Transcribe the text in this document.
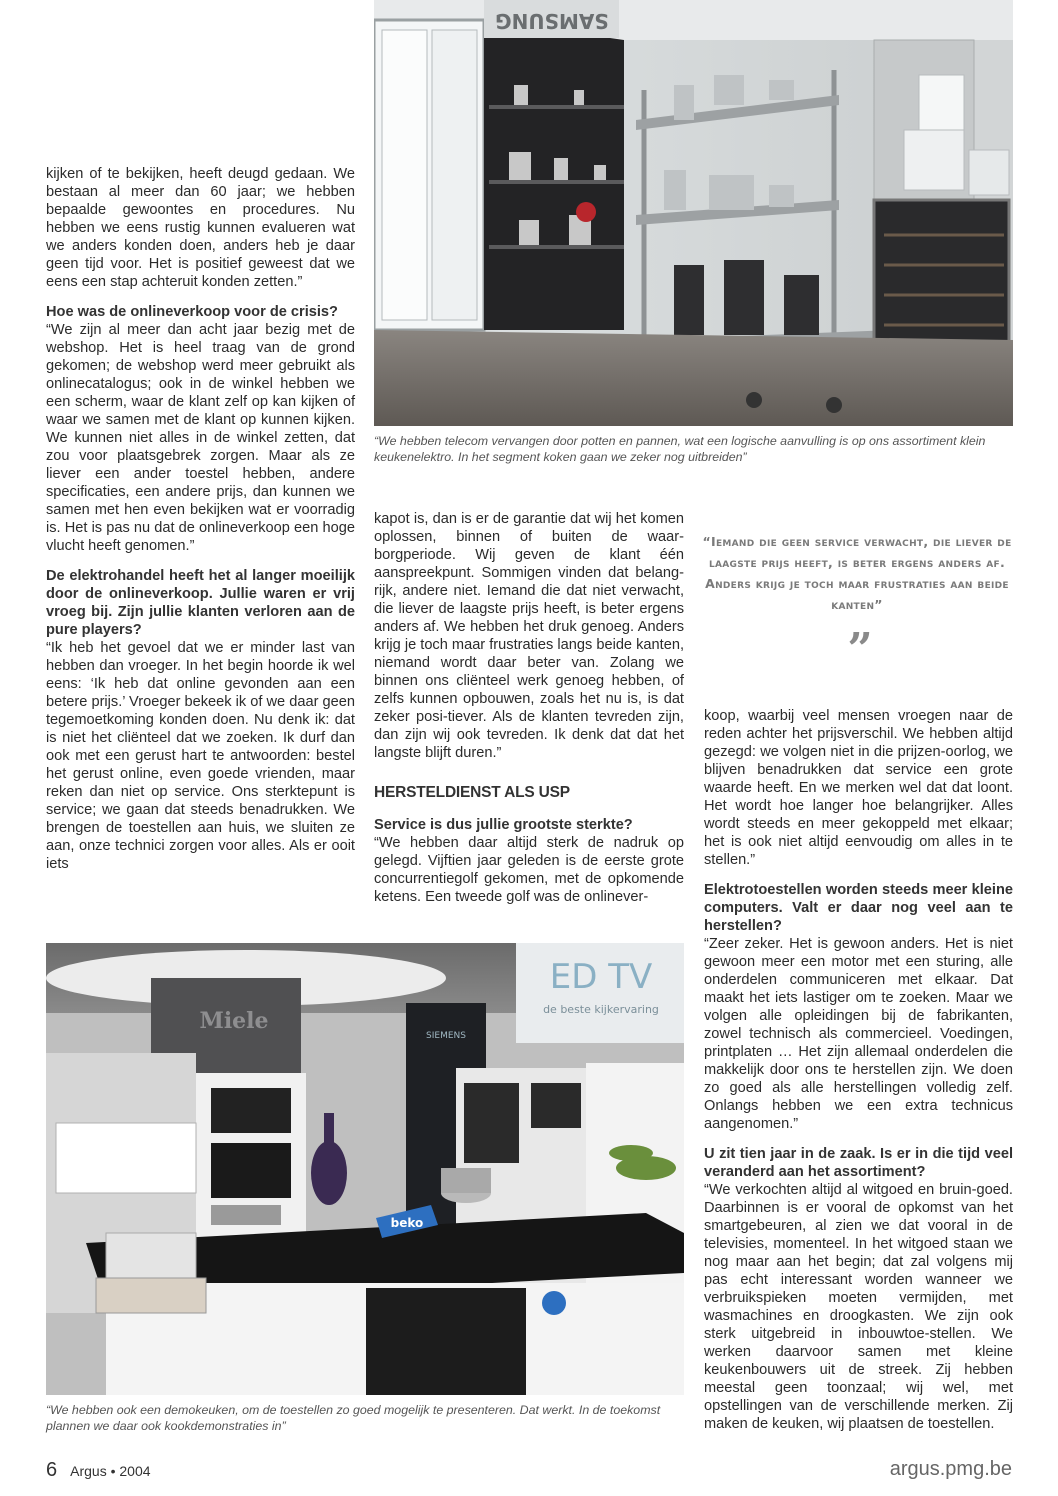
SAMSUNG
“We hebben telecom vervangen door potten en pannen, wat een logische aanvulling is op ons assortiment klein keukenelektro. In het segment koken gaan we zeker nog uitbreiden”

kijken of te bekijken, heeft deugd gedaan. We bestaan al meer dan 60 jaar; we hebben bepaalde gewoontes en procedures. Nu hebben we eens rustig kunnen evalueren wat we anders konden doen, anders heb je daar geen tijd voor. Het is positief geweest dat we eens een stap achteruit konden zetten.”

Hoe was de onlineverkoop voor de crisis?

“We zijn al meer dan acht jaar bezig met de webshop. Het is heel traag van de grond gekomen; de webshop werd meer gebruikt als onlinecatalogus; ook in de winkel hebben we een scherm, waar de klant zelf op kan kijken of waar we samen met de klant op kunnen kijken. We kunnen niet alles in de winkel zetten, dat zou voor plaatsgebrek zorgen. Maar als ze liever een ander toestel hebben, andere specificaties, een andere prijs, dan kunnen we samen met hen even bekijken wat er voorradig is. Het is pas nu dat de onlineverkoop een hoge vlucht heeft genomen.”

De elektrohandel heeft het al langer moeilijk door de onlineverkoop. Jullie waren er vrij vroeg bij. Zijn jullie klanten verloren aan de pure players?

“Ik heb het gevoel dat we er minder last van hebben dan vroeger. In het begin hoorde ik wel eens: ‘Ik heb dat online gevonden aan een betere prijs.’ Vroeger bekeek ik of we daar geen tegemoetkoming konden doen. Nu denk ik: dat is niet het cliënteel dat we zoeken. Ik durf dan ook met een gerust hart te antwoorden: bestel het gerust online, even goede vrienden, maar reken dan niet op service. Ons sterktepunt is service; we gaan dat steeds benadrukken. We brengen de toestellen aan huis, we sluiten ze aan, onze technici zorgen voor alles. Als er ooit iets

kapot is, dan is er de garantie dat wij het komen oplossen, binnen of buiten de waar-borgperiode. Wij geven de klant één aanspreekpunt. Sommigen vinden dat belang-rijk, andere niet. Iemand die dat niet verwacht, die liever de laagste prijs heeft, is beter ergens anders af. We hebben het druk genoeg. Anders krijg je toch maar frustraties langs beide kanten, niemand wordt daar beter van. Zolang we binnen ons cliënteel werk genoeg hebben, of zelfs kunnen opbouwen, zoals het nu is, is dat zeker posi-tiever. Als de klanten tevreden zijn, dan zijn wij ook tevreden. Ik denk dat dat het langste blijft duren.”

HERSTELDIENST ALS USP

Service is dus jullie grootste sterkte?

“We hebben daar altijd sterk de nadruk op gelegd. Vijftien jaar geleden is de eerste grote concurrentiegolf gekomen, met de opkomende ketens. Een tweede golf was de onlinever-

“Iemand die geen service verwacht, die liever de laagste prijs heeft, is beter ergens anders af. Anders krijg je toch maar frustraties aan beide kanten”
”

koop, waarbij veel mensen vroegen naar de reden achter het prijsverschil. We hebben altijd gezegd: we volgen niet in die prijzen-oorlog, we blijven benadrukken dat service een grote waarde heeft. En we merken wel dat dat loont. Het wordt hoe langer hoe belangrijker. Alles wordt steeds en meer gekoppeld met elkaar; het is ook niet altijd eenvoudig om alles in te stellen.”

Elektrotoestellen worden steeds meer kleine computers. Valt er daar nog veel aan te herstellen?

“Zeer zeker. Het is gewoon anders. Het is niet gewoon meer een motor met een sturing, alle onderdelen communiceren met elkaar. Dat maakt het iets lastiger om te zoeken. Maar we volgen alle opleidingen bij de fabrikanten, zowel technisch als commercieel. Voedingen, printplaten … Het zijn allemaal onderdelen die makkelijk door ons te herstellen zijn. We doen zo goed als alle herstellingen volledig zelf. Onlangs hebben we een extra technicus aangenomen.”

U zit tien jaar in de zaak. Is er in die tijd veel veranderd aan het assortiment?

“We verkochten altijd al witgoed en bruin-goed. Daarbinnen is er vooral de opkomst van het smartgebeuren, al zien we dat vooral in de televisies, momenteel. In het witgoed staan we nog maar aan het begin; dat zal volgens mij pas echt interessant worden wanneer we verbruikspieken moeten vermijden, met wasmachines en droogkasten. We zijn ook sterk uitgebreid in inbouwtoe-stellen. We werken daarvoor samen met kleine keukenbouwers uit de streek. Zij hebben meestal geen toonzaal; wij wel, met opstellingen van de verschillende merken. Zij maken de keuken, wij plaatsen de toestellen.

Miele
ED TV
de beste kijkervaring
SIEMENS
beko
“We hebben ook een demokeuken, om de toestellen zo goed mogelijk te presenteren. Dat werkt. In de toekomst plannen we daar ook kookdemonstraties in”
6 Argus • 2004	argus.pmg.be
